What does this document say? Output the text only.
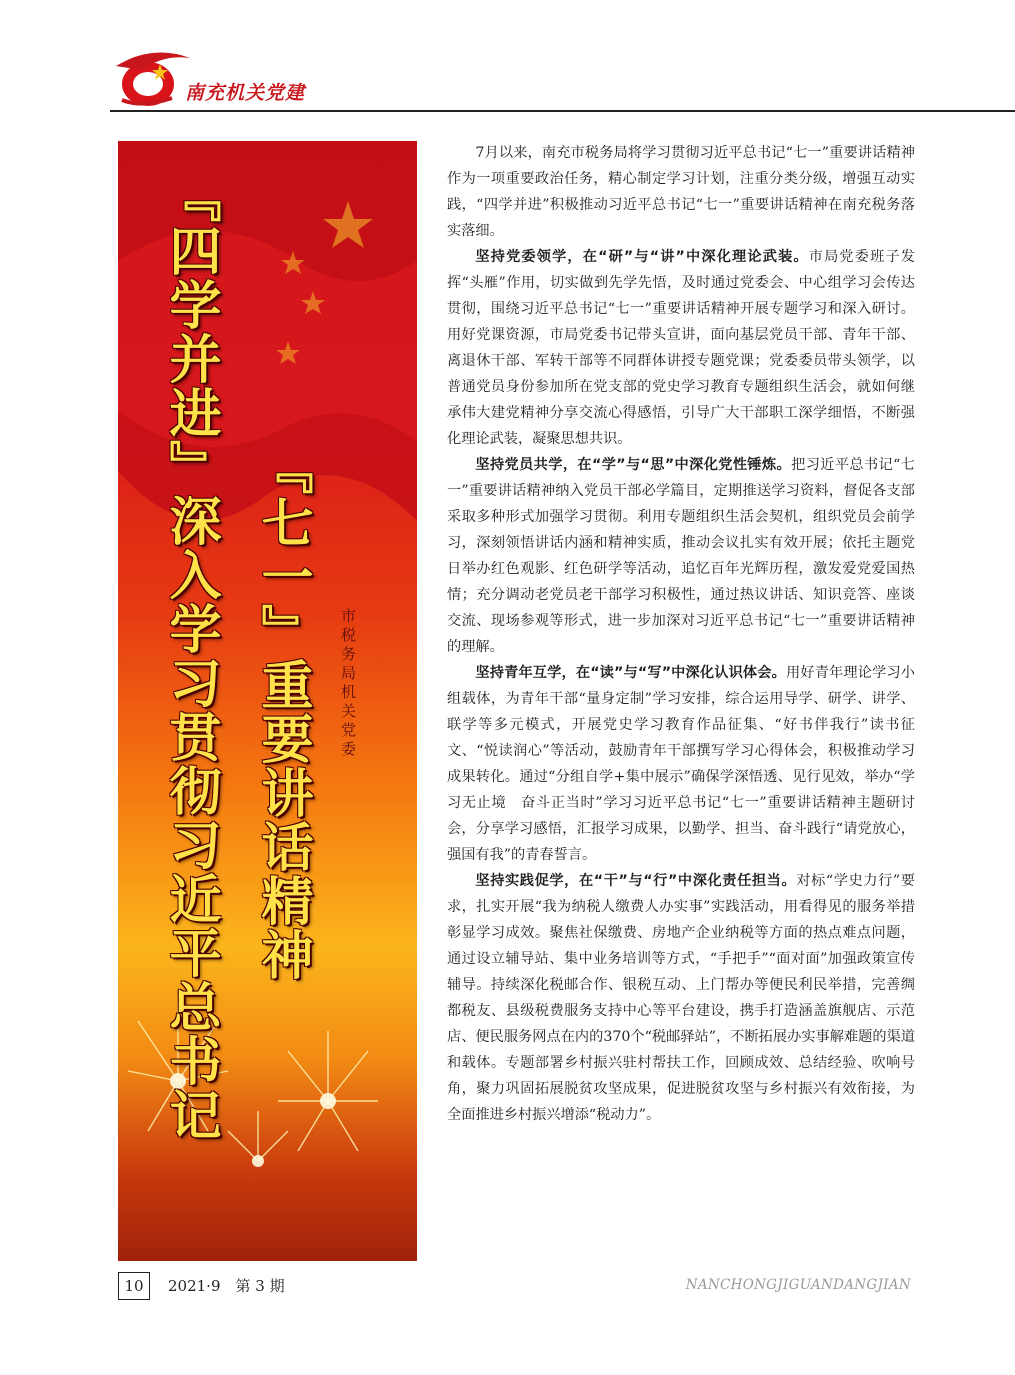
南充机关党建
『四学并进』深入学习贯彻习近平总书记 『七一』重要讲话精神 市税务局机关党委

7月以来，南充市税务局将学习贯彻习近平总书记“七一”重要讲话精神作为一项重要政治任务，精心制定学习计划，注重分类分级，增强互动实践，“四学并进”积极推动习近平总书记“七一”重要讲话精神在南充税务落实落细。

坚持党委领学，在“研”与“讲”中深化理论武装。市局党委班子发挥“头雁”作用，切实做到先学先悟，及时通过党委会、中心组学习会传达贯彻，围绕习近平总书记“七一”重要讲话精神开展专题学习和深入研讨。用好党课资源，市局党委书记带头宣讲，面向基层党员干部、青年干部、离退休干部、军转干部等不同群体讲授专题党课；党委委员带头领学，以普通党员身份参加所在党支部的党史学习教育专题组织生活会，就如何继承伟大建党精神分享交流心得感悟，引导广大干部职工深学细悟，不断强化理论武装，凝聚思想共识。

坚持党员共学，在“学”与“思”中深化党性锤炼。把习近平总书记“七一”重要讲话精神纳入党员干部必学篇目，定期推送学习资料，督促各支部采取多种形式加强学习贯彻。利用专题组织生活会契机，组织党员会前学习，深刻领悟讲话内涵和精神实质，推动会议扎实有效开展；依托主题党日举办红色观影、红色研学等活动，追忆百年光辉历程，激发爱党爱国热情；充分调动老党员老干部学习积极性，通过热议讲话、知识竞答、座谈交流、现场参观等形式，进一步加深对习近平总书记“七一”重要讲话精神的理解。

坚持青年互学，在“读”与“写”中深化认识体会。用好青年理论学习小组载体，为青年干部“量身定制”学习安排，综合运用导学、研学、讲学、联学等多元模式，开展党史学习教育作品征集、“好书伴我行”读书征文、“悦读润心”等活动，鼓励青年干部撰写学习心得体会，积极推动学习成果转化。通过“分组自学+集中展示”确保学深悟透、见行见效，举办“学习无止境　奋斗正当时”学习习近平总书记“七一”重要讲话精神主题研讨会，分享学习感悟，汇报学习成果，以勤学、担当、奋斗践行“请党放心，强国有我”的青春誓言。

坚持实践促学，在“干”与“行”中深化责任担当。对标“学史力行”要求，扎实开展“我为纳税人缴费人办实事”实践活动，用看得见的服务举措彰显学习成效。聚焦社保缴费、房地产企业纳税等方面的热点难点问题，通过设立辅导站、集中业务培训等方式，“手把手”“面对面”加强政策宣传辅导。持续深化税邮合作、银税互动、上门帮办等便民利民举措，完善绸都税友、县级税费服务支持中心等平台建设，携手打造涵盖旗舰店、示范店、便民服务网点在内的370个“税邮驿站”，不断拓展办实事解难题的渠道和载体。专题部署乡村振兴驻村帮扶工作，回顾成效、总结经验、吹响号角，聚力巩固拓展脱贫攻坚成果，促进脱贫攻坚与乡村振兴有效衔接，为全面推进乡村振兴增添“税动力”。

10	2021·9　第 3 期	NANCHONGJIGUANDANGJIAN
